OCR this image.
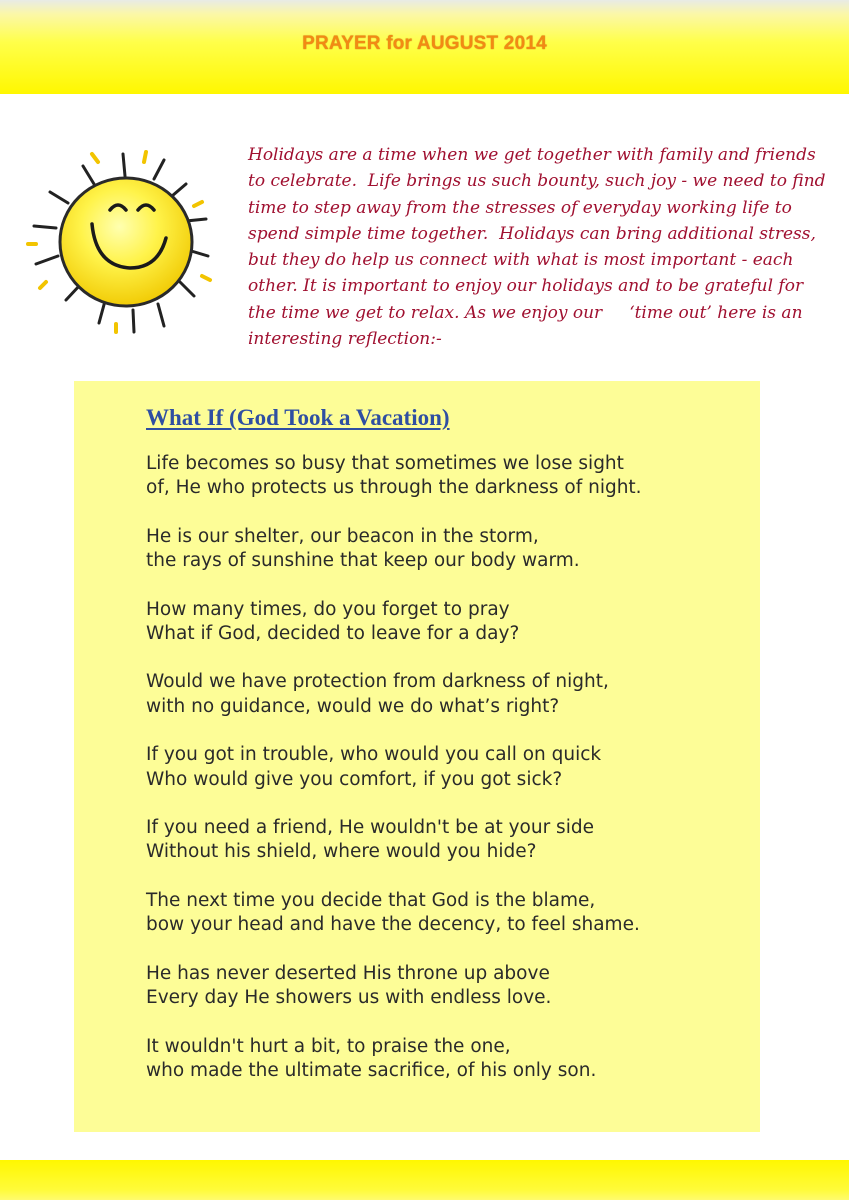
PRAYER for AUGUST 2014
Holidays are a time when we get together with family and friends
to celebrate.  Life brings us such bounty, such joy - we need to find
time to step away from the stresses of everyday working life to
spend simple time together.  Holidays can bring additional stress,
but they do help us connect with what is most important - each
other. It is important to enjoy our holidays and to be grateful for
the time we get to relax. As we enjoy our     ‘time out’ here is an
interesting reflection:-
What If (God Took a Vacation)
Life becomes so busy that sometimes we lose sight
of, He who protects us through the darkness of night.
He is our shelter, our beacon in the storm,
the rays of sunshine that keep our body warm.
How many times, do you forget to pray
What if God, decided to leave for a day?
Would we have protection from darkness of night,
with no guidance, would we do what’s right?
If you got in trouble, who would you call on quick
Who would give you comfort, if you got sick?
If you need a friend, He wouldn't be at your side
Without his shield, where would you hide?
The next time you decide that God is the blame,
bow your head and have the decency, to feel shame.
He has never deserted His throne up above
Every day He showers us with endless love.
It wouldn't hurt a bit, to praise the one,
who made the ultimate sacrifice, of his only son.
